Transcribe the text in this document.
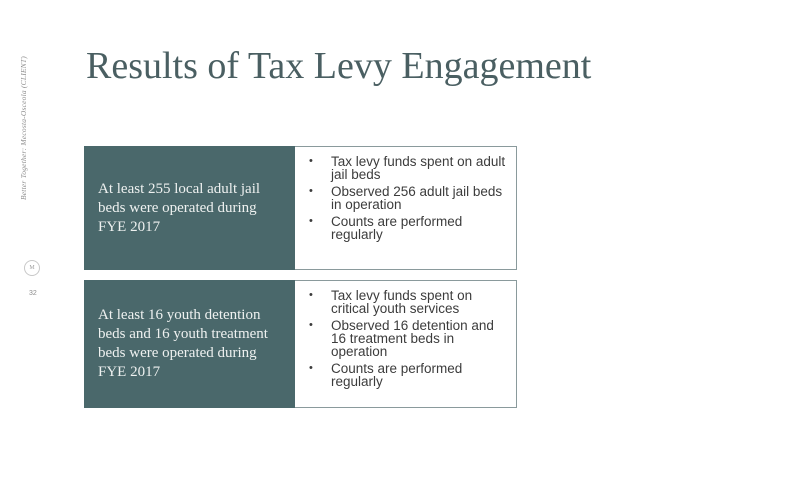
Better Together: Mecosta-Osceola (CLIENT)
M
32
Results of Tax Levy Engagement
At least 255 local adult jail beds were operated during FYE 2017
• Tax levy funds spent on adult jail beds
• Observed 256 adult jail beds in operation
• Counts are performed regularly
At least 16 youth detention beds and 16 youth treatment beds were operated during FYE 2017
• Tax levy funds spent on critical youth services
• Observed 16 detention and 16 treatment beds in operation
• Counts are performed regularly
